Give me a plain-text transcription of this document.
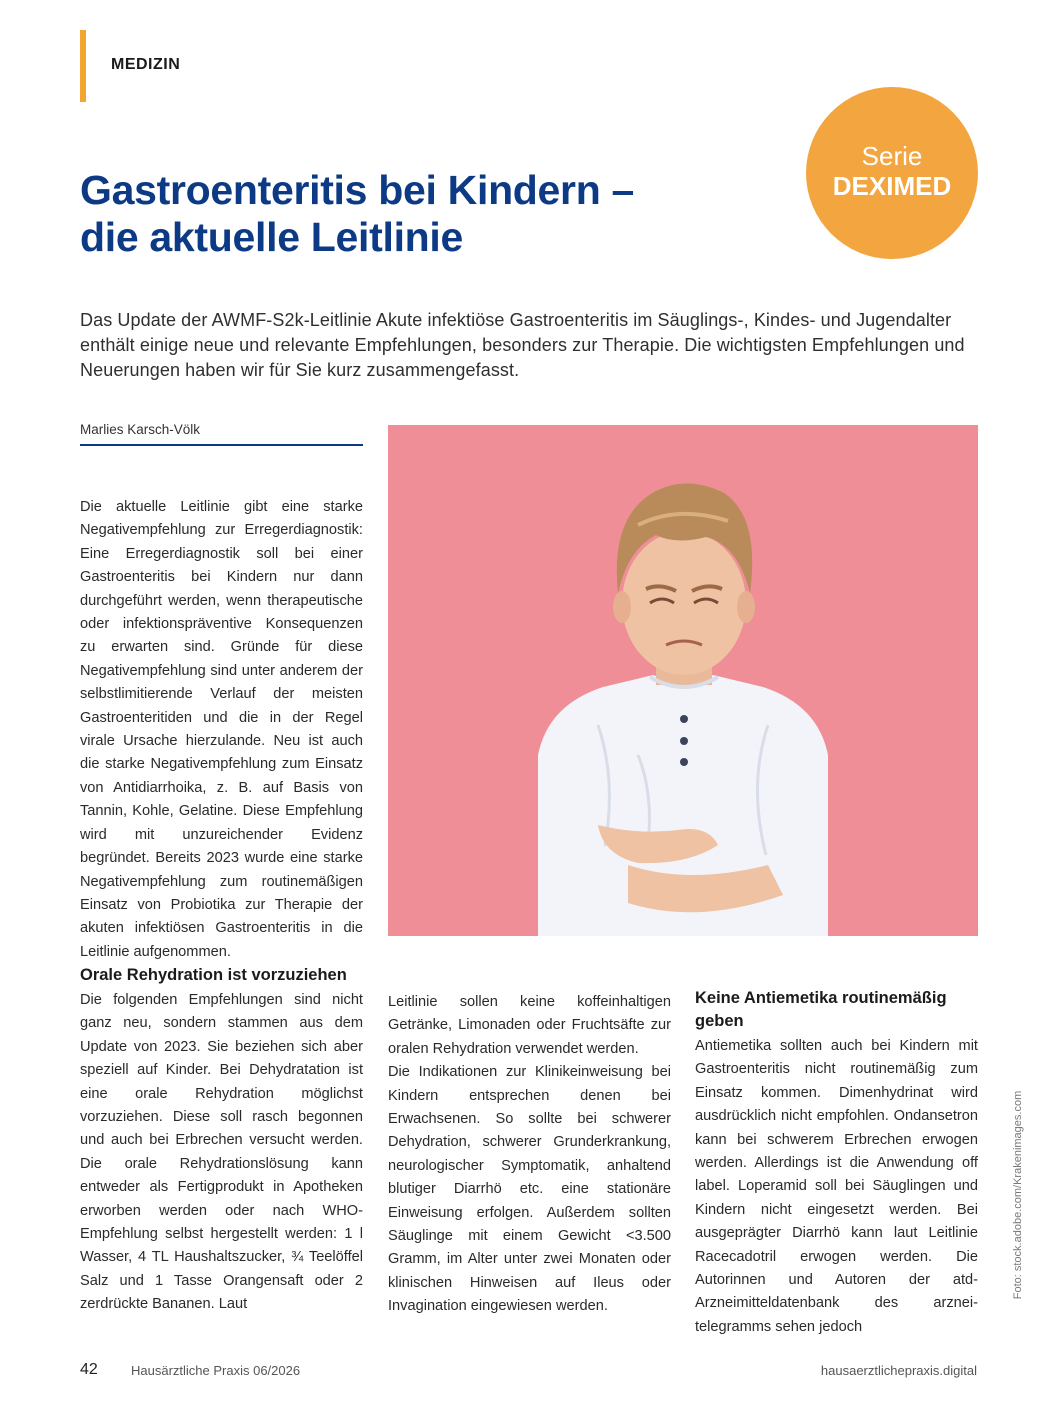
MEDIZIN
Serie
DEXIMED
Gastroenteritis bei Kindern –
die aktuelle Leitlinie

Das Update der AWMF-S2k-Leitlinie Akute infektiöse Gastroenteritis im Säuglings-, Kindes- und Jugendalter enthält einige neue und relevante Empfehlungen, besonders zur Therapie. Die wichtigsten Empfehlungen und Neuerungen haben wir für Sie kurz zusammengefasst.

Marlies Karsch-Völk

Die aktuelle Leitlinie gibt eine starke Negativempfehlung zur Erregerdiagnostik: Eine Erregerdiagnostik soll bei einer Gastroenteritis bei Kindern nur dann durchgeführt werden, wenn therapeutische oder infektionspräventive Konsequenzen zu erwarten sind. Gründe für diese Negativempfehlung sind unter anderem der selbstlimitierende Verlauf der meisten Gastroenteritiden und die in der Regel virale Ursache hierzulande. Neu ist auch die starke Negativempfehlung zum Einsatz von Antidiarrhoika, z. B. auf Basis von Tannin, Kohle, Gelatine. Diese Empfehlung wird mit unzureichender Evidenz begründet. Bereits 2023 wurde eine starke Negativempfehlung zum routinemäßigen Einsatz von Probiotika zur Therapie der akuten infektiösen Gastroenteritis in die Leitlinie aufgenommen.

Orale Rehydration ist vorzuziehen

Die folgenden Empfehlungen sind nicht ganz neu, sondern stammen aus dem Update von 2023. Sie beziehen sich aber speziell auf Kinder. Bei Dehydratation ist eine orale Rehydration möglichst vorzuziehen. Diese soll rasch begonnen und auch bei Erbrechen versucht werden. Die orale Rehydrationslösung kann entweder als Fertigprodukt in Apotheken erworben werden oder nach WHO-Empfehlung selbst hergestellt werden: 1 l Wasser, 4 TL Haushaltszucker, ¾ Teelöffel Salz und 1 Tasse Orangensaft oder 2 zerdrückte Bananen. Laut

Leitlinie sollen keine koffeinhaltigen Getränke, Limonaden oder Fruchtsäfte zur oralen Rehydration verwendet werden.

Die Indikationen zur Klinikeinweisung bei Kindern entsprechen denen bei Erwachsenen. So sollte bei schwerer Dehydration, schwerer Grunderkrankung, neurologischer Symptomatik, anhaltend blutiger Diarrhö etc. eine stationäre Einweisung erfolgen. Außerdem sollten Säuglinge mit einem Gewicht <3.500 Gramm, im Alter unter zwei Monaten oder klinischen Hinweisen auf Ileus oder Invagination eingewiesen werden.

Keine Antiemetika routinemäßig geben

Antiemetika sollten auch bei Kindern mit Gastroenteritis nicht routinemäßig zum Einsatz kommen. Dimenhydrinat wird ausdrücklich nicht empfohlen. Ondansetron kann bei schwerem Erbrechen erwogen werden. Allerdings ist die Anwendung off label. Loperamid soll bei Säuglingen und Kindern nicht eingesetzt werden. Bei ausgeprägter Diarrhö kann laut Leitlinie Racecadotril erwogen werden. Die Autorinnen und Autoren der atd-Arzneimitteldatenbank des arznei-telegramms sehen jedoch

Foto: stock.adobe.com/Krakenimages.com
42	Hausärztliche Praxis 06/2026	hausaerztlichepraxis.digital
